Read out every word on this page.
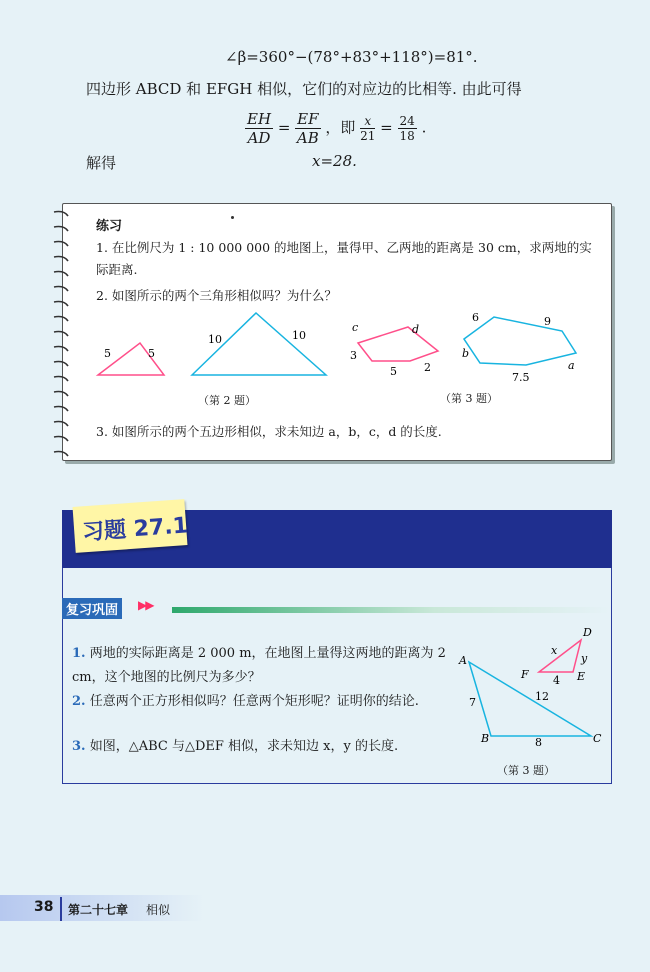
∠β=360°−(78°+83°+118°)=81°.
四边形 ABCD 和 EFGH 相似，它们的对应边的比相等. 由此可得
$\frac{EH}{AD} = \frac{EF}{AB}$ ，即 $\frac{x}{21} = \frac{24}{18}$ .
解得	x=28.
练习
1. 在比例尺为 1 : 10 000 000 的地图上，量得甲、乙两地的距离是 30 cm，求两地的实际距离.
2. 如图所示的两个三角形相似吗？为什么？
5	5
10	10
c	d
3
5 2
6	9
b
7.5
a
（第 2 题）	（第 3 题）
3. 如图所示的两个五边形相似，求未知边 a，b，c，d 的长度.
习题 27.1
复习巩固	▶▶
1. 两地的实际距离是 2 000 m，在地图上量得这两地的距离为 2 cm，这个地图的比例尺为多少？
2. 任意两个正方形相似吗？任意两个矩形呢？证明你的结论.
3. 如图，△ABC 与△DEF 相似，求未知边 x，y 的长度.
A
B	C
7
8
12
D
E
F
x
y
4
（第 3 题）
38 第二十七章 相似
